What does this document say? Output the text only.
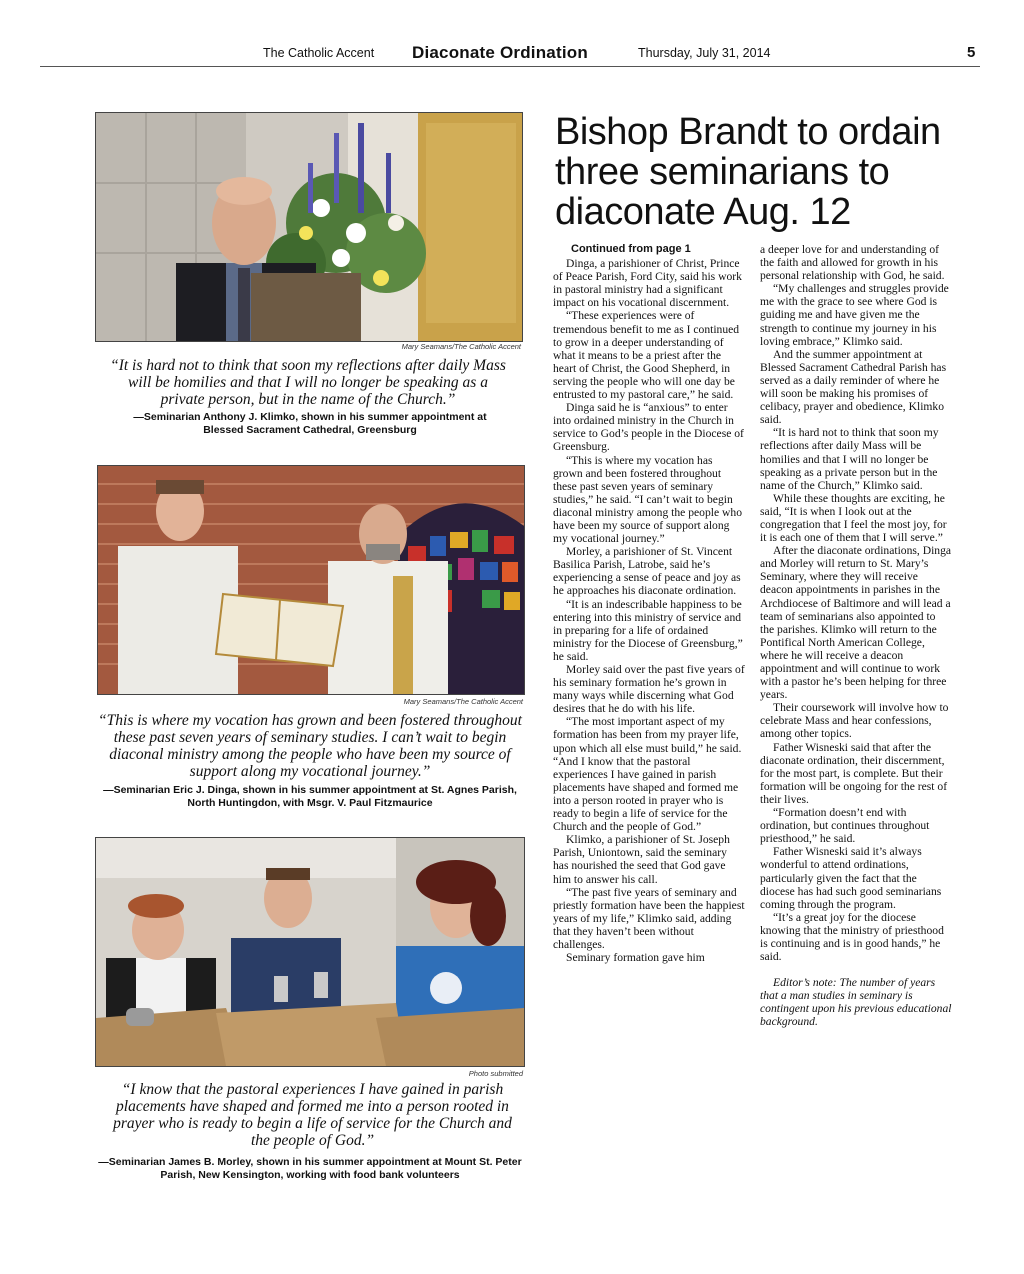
The Catholic Accent Diaconate Ordination	Thursday, July 31, 2014	5
Mary Seamans/The Catholic Accent

“It is hard not to think that soon my reflections after daily Mass will be homilies and that I will no longer be speaking as a private person, but in the name of the Church.”

—Seminarian Anthony J. Klimko, shown in his summer appointment at Blessed Sacrament Cathedral, Greensburg

Mary Seamans/The Catholic Accent

“This is where my vocation has grown and been fostered throughout these past seven years of seminary studies. I can’t wait to begin diaconal ministry among the people who have been my source of support along my vocational journey.”

—Seminarian Eric J. Dinga, shown in his summer appointment at St. Agnes Parish, North Huntingdon, with Msgr. V. Paul Fitzmaurice

Photo submitted

“I know that the pastoral experiences I have gained in parish placements have shaped and formed me into a person rooted in prayer who is ready to begin a life of service for the Church and the people of God.”

—Seminarian James B. Morley, shown in his summer appointment at Mount St. Peter Parish, New Kensington, working with food bank volunteers

Bishop Brandt to ordain three seminarians to diaconate Aug. 12

Continued from page 1

Dinga, a parishioner of Christ, Prince of Peace Parish, Ford City, said his work in pastoral ministry had a significant impact on his vocational discernment.

“These experiences were of tremendous benefit to me as I continued to grow in a deeper understanding of what it means to be a priest after the heart of Christ, the Good Shepherd, in serving the people who will one day be entrusted to my pastoral care,” he said.

Dinga said he is “anxious” to enter into ordained ministry in the Church in service to God’s people in the Diocese of Greensburg.

“This is where my vocation has grown and been fostered throughout these past seven years of seminary studies,” he said. “I can’t wait to begin diaconal ministry among the people who have been my source of support along my vocational journey.”

Morley, a parishioner of St. Vincent Basilica Parish, Latrobe, said he’s experiencing a sense of peace and joy as he approaches his diaconate ordination.

“It is an indescribable happiness to be entering into this ministry of service and in preparing for a life of ordained ministry for the Diocese of Greensburg,” he said.

Morley said over the past five years of his seminary formation he’s grown in many ways while discerning what God desires that he do with his life.

“The most important aspect of my formation has been from my prayer life, upon which all else must build,” he said. “And I know that the pastoral experiences I have gained in parish placements have shaped and formed me into a person rooted in prayer who is ready to begin a life of service for the Church and the people of God.”

Klimko, a parishioner of St. Joseph Parish, Uniontown, said the seminary has nourished the seed that God gave him to answer his call.

“The past five years of seminary and priestly formation have been the happiest years of my life,” Klimko said, adding that they haven’t been without challenges.

Seminary formation gave him

a deeper love for and understanding of the faith and allowed for growth in his personal relationship with God, he said.

“My challenges and struggles provide me with the grace to see where God is guiding me and have given me the strength to continue my journey in his loving embrace,” Klimko said.

And the summer appointment at Blessed Sacrament Cathedral Parish has served as a daily reminder of where he will soon be making his promises of celibacy, prayer and obedience, Klimko said.

“It is hard not to think that soon my reflections after daily Mass will be homilies and that I will no longer be speaking as a private person but in the name of the Church,” Klimko said.

While these thoughts are exciting, he said, “It is when I look out at the congregation that I feel the most joy, for it is each one of them that I will serve.”

After the diaconate ordinations, Dinga and Morley will return to St. Mary’s Seminary, where they will receive deacon appointments in parishes in the Archdiocese of Baltimore and will lead a team of seminarians also appointed to the parishes. Klimko will return to the Pontifical North American College, where he will receive a deacon appointment and will continue to work with a pastor he’s been helping for three years.

Their coursework will involve how to celebrate Mass and hear confessions, among other topics.

Father Wisneski said that after the diaconate ordination, their discernment, for the most part, is complete. But their formation will be ongoing for the rest of their lives.

“Formation doesn’t end with ordination, but continues throughout priesthood,” he said.

Father Wisneski said it’s always wonderful to attend ordinations, particularly given the fact that the diocese has had such good seminarians coming through the program.

“It’s a great joy for the diocese knowing that the ministry of priesthood is continuing and is in good hands,” he said.

Editor’s note: The number of years that a man studies in seminary is contingent upon his previous educational background.
